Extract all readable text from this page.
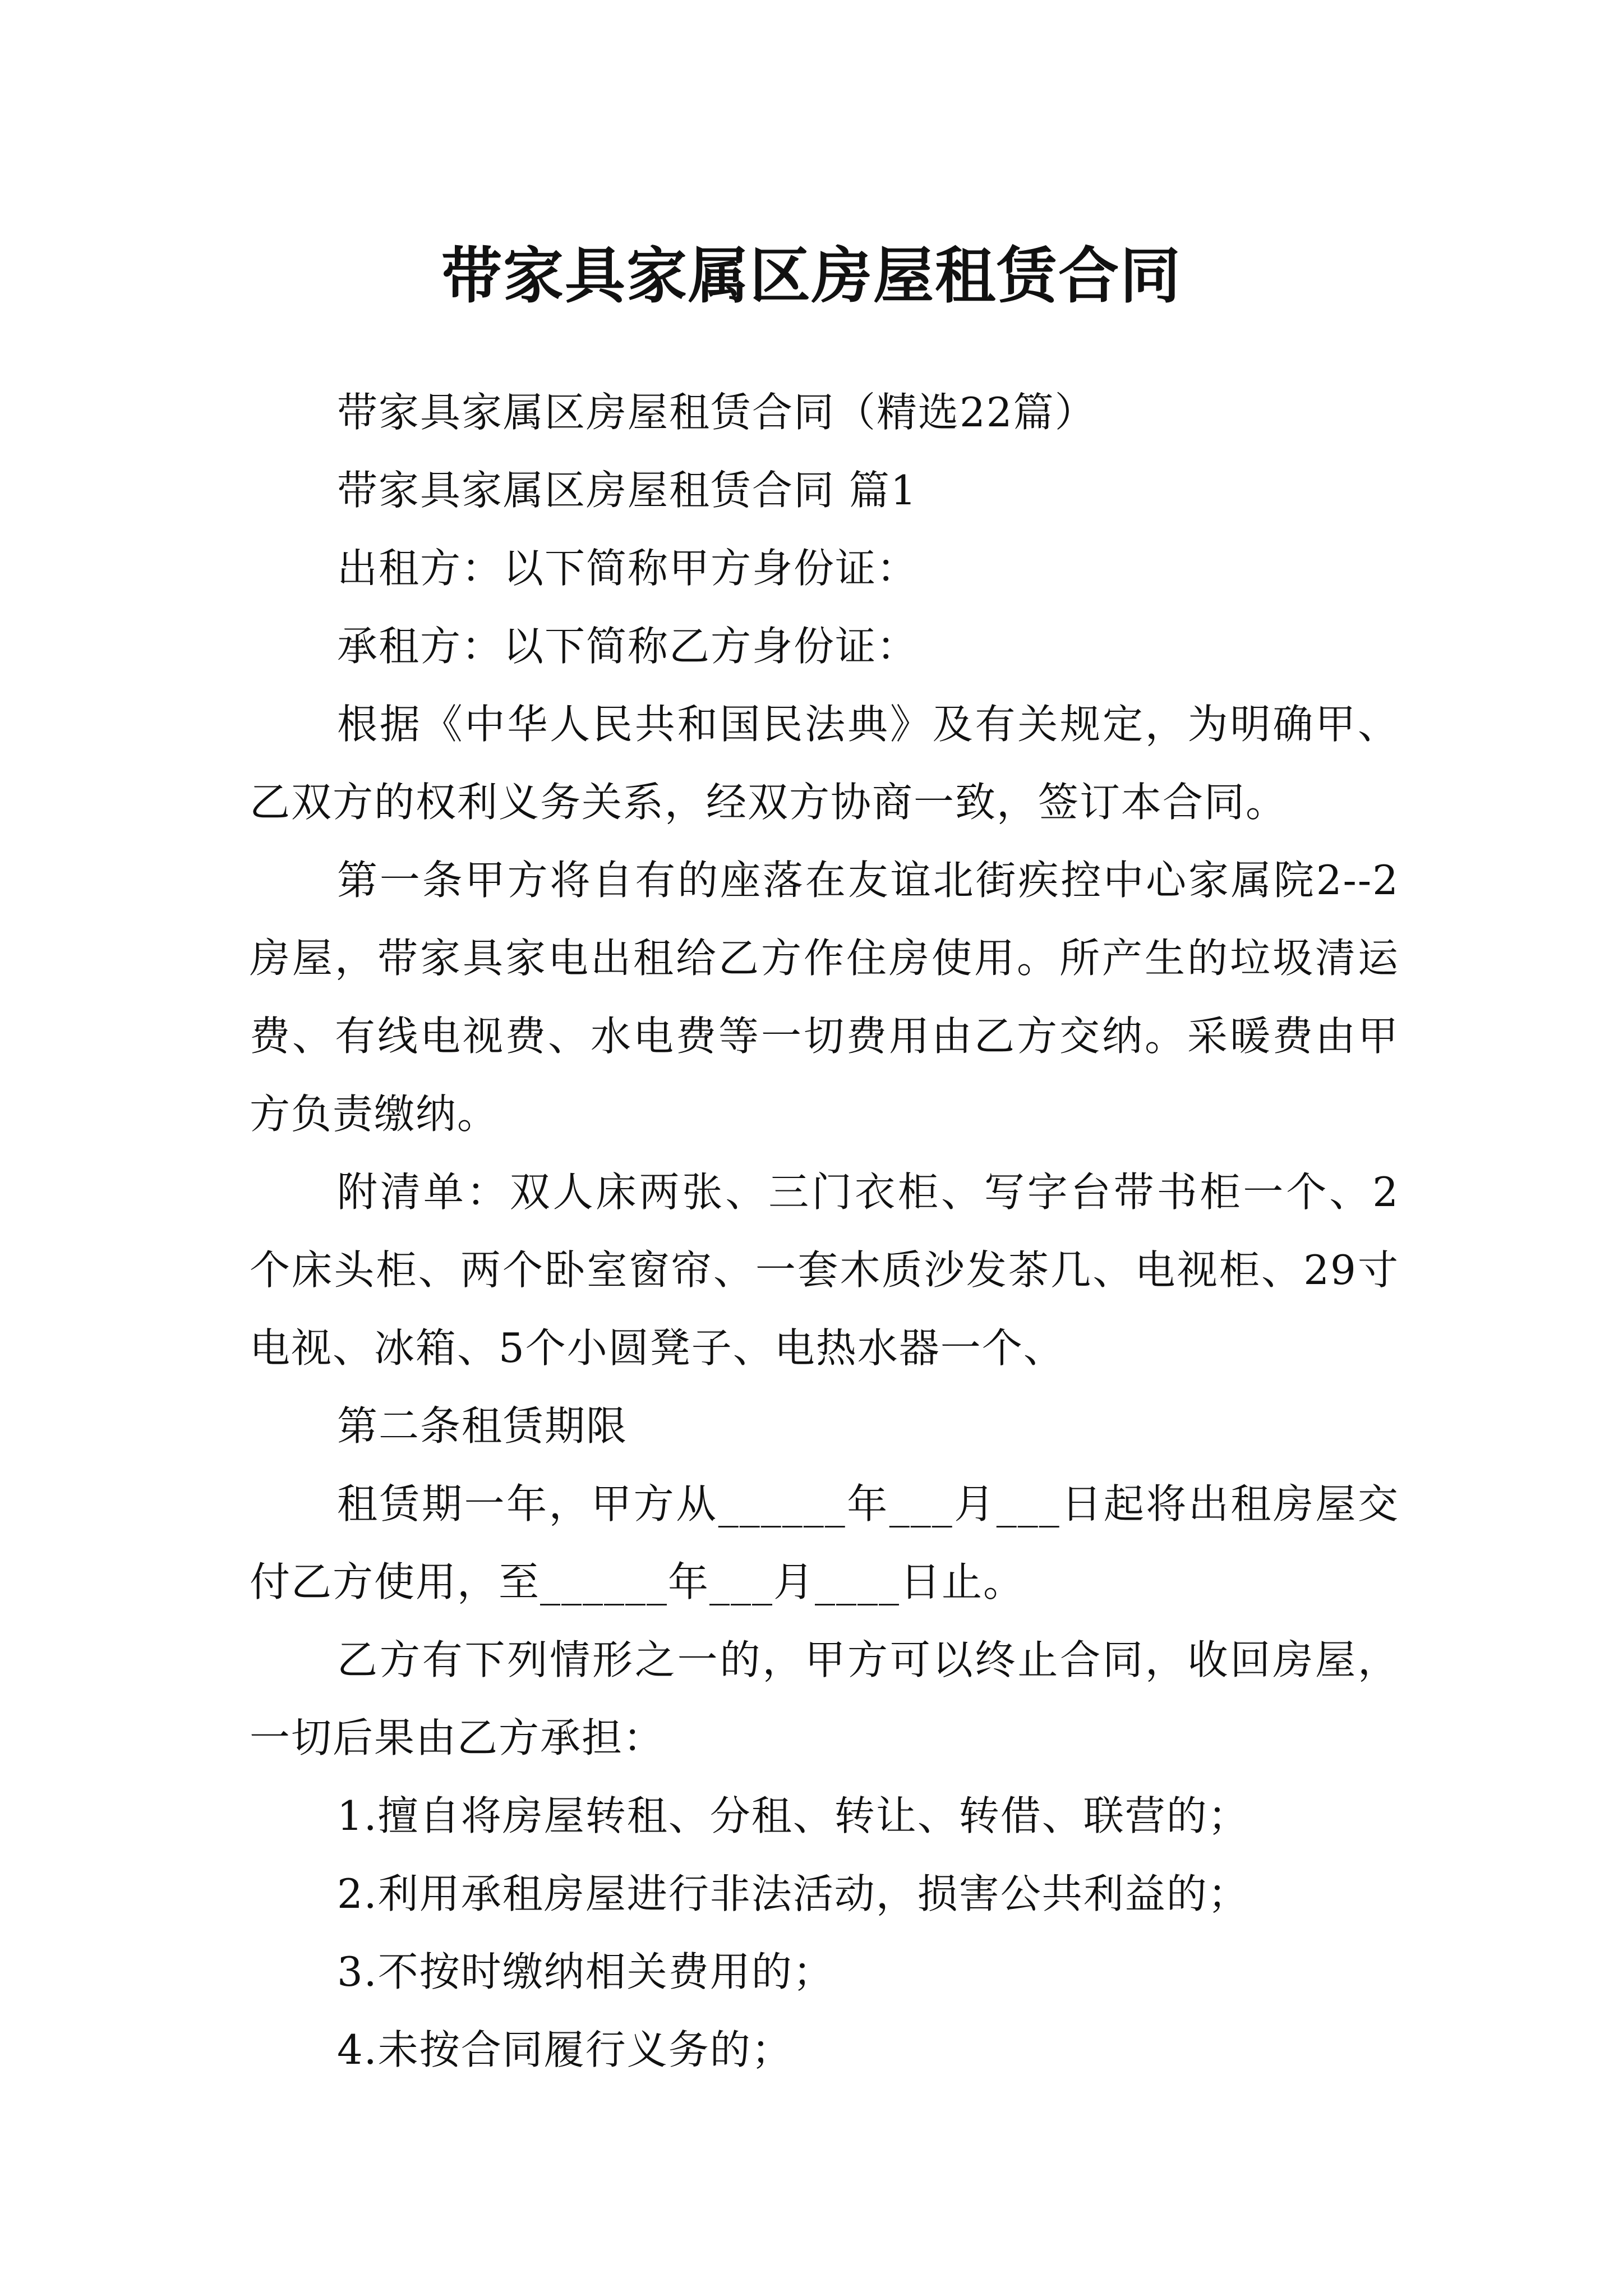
带家具家属区房屋租赁合同

带家具家属区房屋租赁合同（精选22篇）

带家具家属区房屋租赁合同 篇1

出租方：以下简称甲方身份证：

承租方：以下简称乙方身份证：

根据《中华人民共和国民法典》及有关规定，为明确甲、乙双方的权利义务关系，经双方协商一致，签订本合同。

第一条甲方将自有的座落在友谊北街疾控中心家属院2--2房屋，带家具家电出租给乙方作住房使用。所产生的垃圾清运费、有线电视费、水电费等一切费用由乙方交纳。采暖费由甲方负责缴纳。

附清单：双人床两张、三门衣柜、写字台带书柜一个、2个床头柜、两个卧室窗帘、一套木质沙发茶几、电视柜、29寸电视、冰箱、5个小圆凳子、电热水器一个、

第二条租赁期限

租赁期一年，甲方从______年___月___日起将出租房屋交付乙方使用，至______年___月____日止。

乙方有下列情形之一的，甲方可以终止合同，收回房屋，一切后果由乙方承担：

1.擅自将房屋转租、分租、转让、转借、联营的；

2.利用承租房屋进行非法活动，损害公共利益的；

3.不按时缴纳相关费用的；

4.未按合同履行义务的；
